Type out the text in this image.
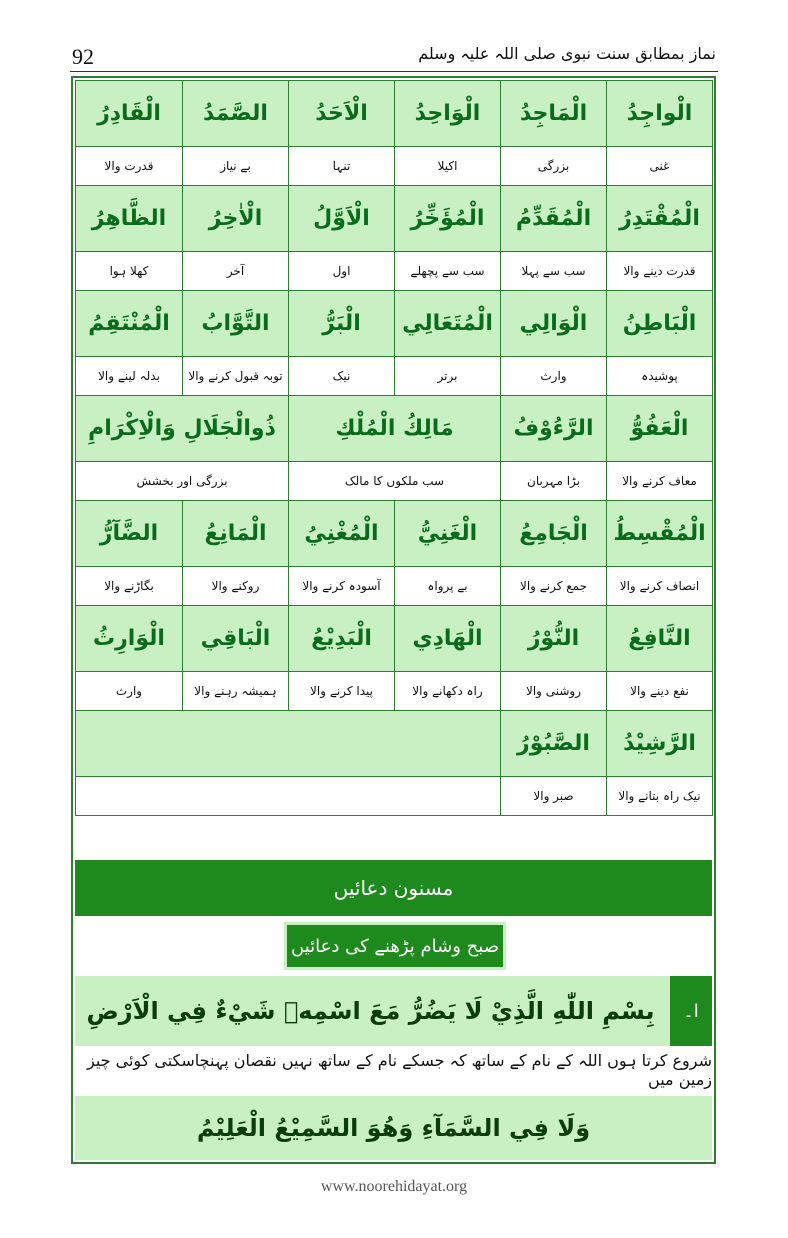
92	نماز بمطابق سنت نبوی صلی اللہ علیہ وسلم
الْواجِدُ	الْمَاجِدُ	الْوَاحِدُ	الْاَحَدُ	الصَّمَدُ	الْقَادِرُ
غنی	بزرگی	اکیلا	تنہا	بے نیاز	قدرت والا
الْمُقْتَدِرُ	الْمُقَدِّمُ	الْمُؤَخِّرُ	الْاَوَّلُ	الْاٰخِرُ	الظَّاهِرُ
قدرت دینے والا	سب سے پہلا	سب سے پچھلے	اول	آخر	کھلا ہوا
الْبَاطِنُ	الْوَالِي	الْمُتَعَالِي	الْبَرُّ	التَّوَّابُ	الْمُنْتَقِمُ
پوشیدہ	وارث	برتر	نیک	توبہ قبول کرنے والا	بدلہ لینے والا
الْعَفُوُّ	الرَّءُوْفُ	مَالِكُ الْمُلْكِ		ذُوالْجَلَالِ وَالْاِكْرَامِ	
معاف کرنے والا	بڑا مہربان	سب ملکوں کا مالک		بزرگی اور بخشش	
الْمُقْسِطُ	الْجَامِعُ	الْغَنِيُّ	الْمُغْنِيُ	الْمَانِعُ	الضَّآرُّ
انصاف کرنے والا	جمع کرنے والا	بے پرواہ	آسودہ کرنے والا	روکنے والا	بگاڑنے والا
النَّافِعُ	النُّوْرُ	الْهَادِي	الْبَدِيْعُ	الْبَاقِي	الْوَارِثُ
نفع دینے والا	روشنی والا	راہ دکھانے والا	پیدا کرنے والا	ہمیشہ رہنے والا	وارث
الرَّشِيْدُ	الصَّبُوْرُ				
نیک راہ بتانے والا	صبر والا				
مسنون دعائیں
صبح وشام پڑھنے کی دعائیں
ا۔
بِسْمِ اللّٰهِ الَّذِيْ لَا يَضُرُّ مَعَ اسْمِهٖ شَيْءٌ فِي الْاَرْضِ
شروع کرتا ہوں اللہ کے نام کے ساتھ کہ جسکے نام کے ساتھ نہیں نقصان پہنچاسکتی کوئی چیز زمین میں
وَلَا فِي السَّمَآءِ وَهُوَ السَّمِيْعُ الْعَلِيْمُ
www.noorehidayat.org
